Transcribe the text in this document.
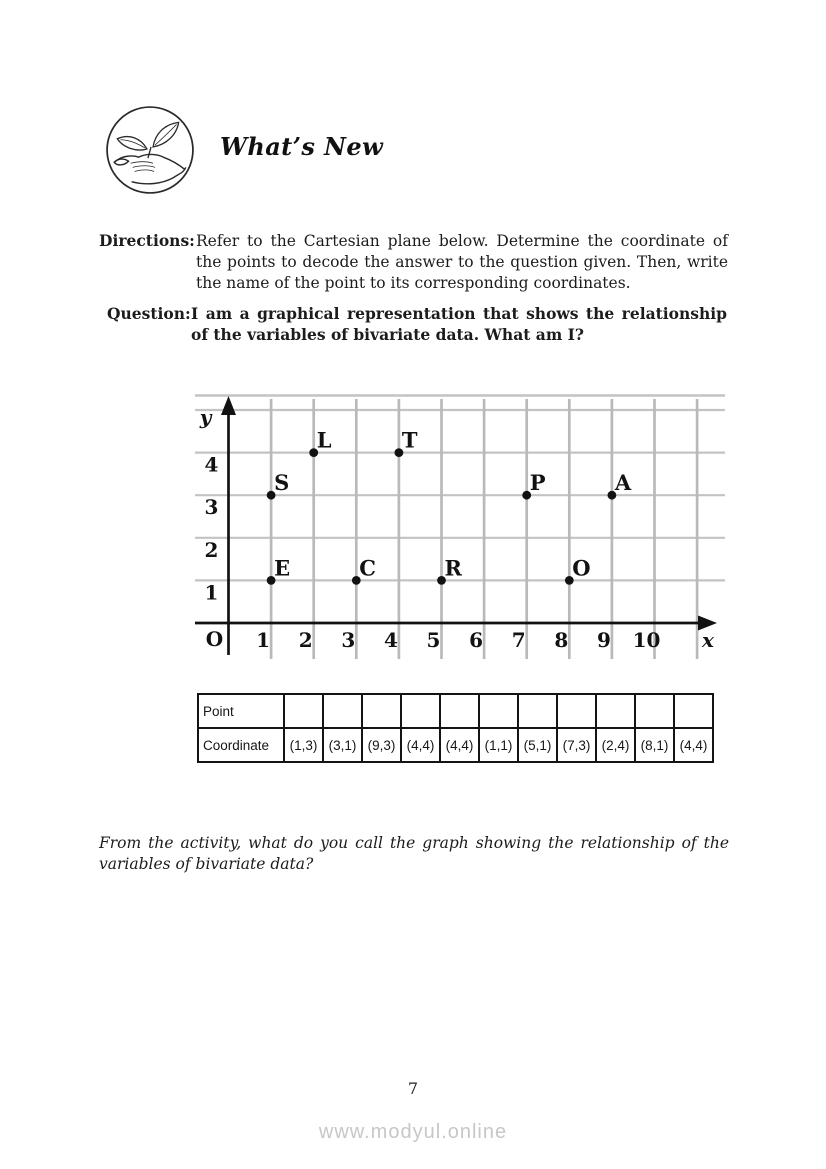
What’s New
Directions: Refer to the Cartesian plane below. Determine the coordinate of the points to decode the answer to the question given. Then, write the name of the point to its corresponding coordinates.
Question: I am a graphical representation that shows the relationship of the variables of bivariate data. What am I?
1 2 3 4 5 6 7 8 9 10
1
2
3
4
O
y
x
S
L	T
P	A
E	C	R	O
Point											
Coordinate	(1,3)	(3,1)	(9,3)	(4,4)	(4,4)	(1,1)	(5,1)	(7,3)	(2,4)	(8,1)	(4,4)
From the activity, what do you call the graph showing the relationship of the variables of bivariate data?
7
www.modyul.online
